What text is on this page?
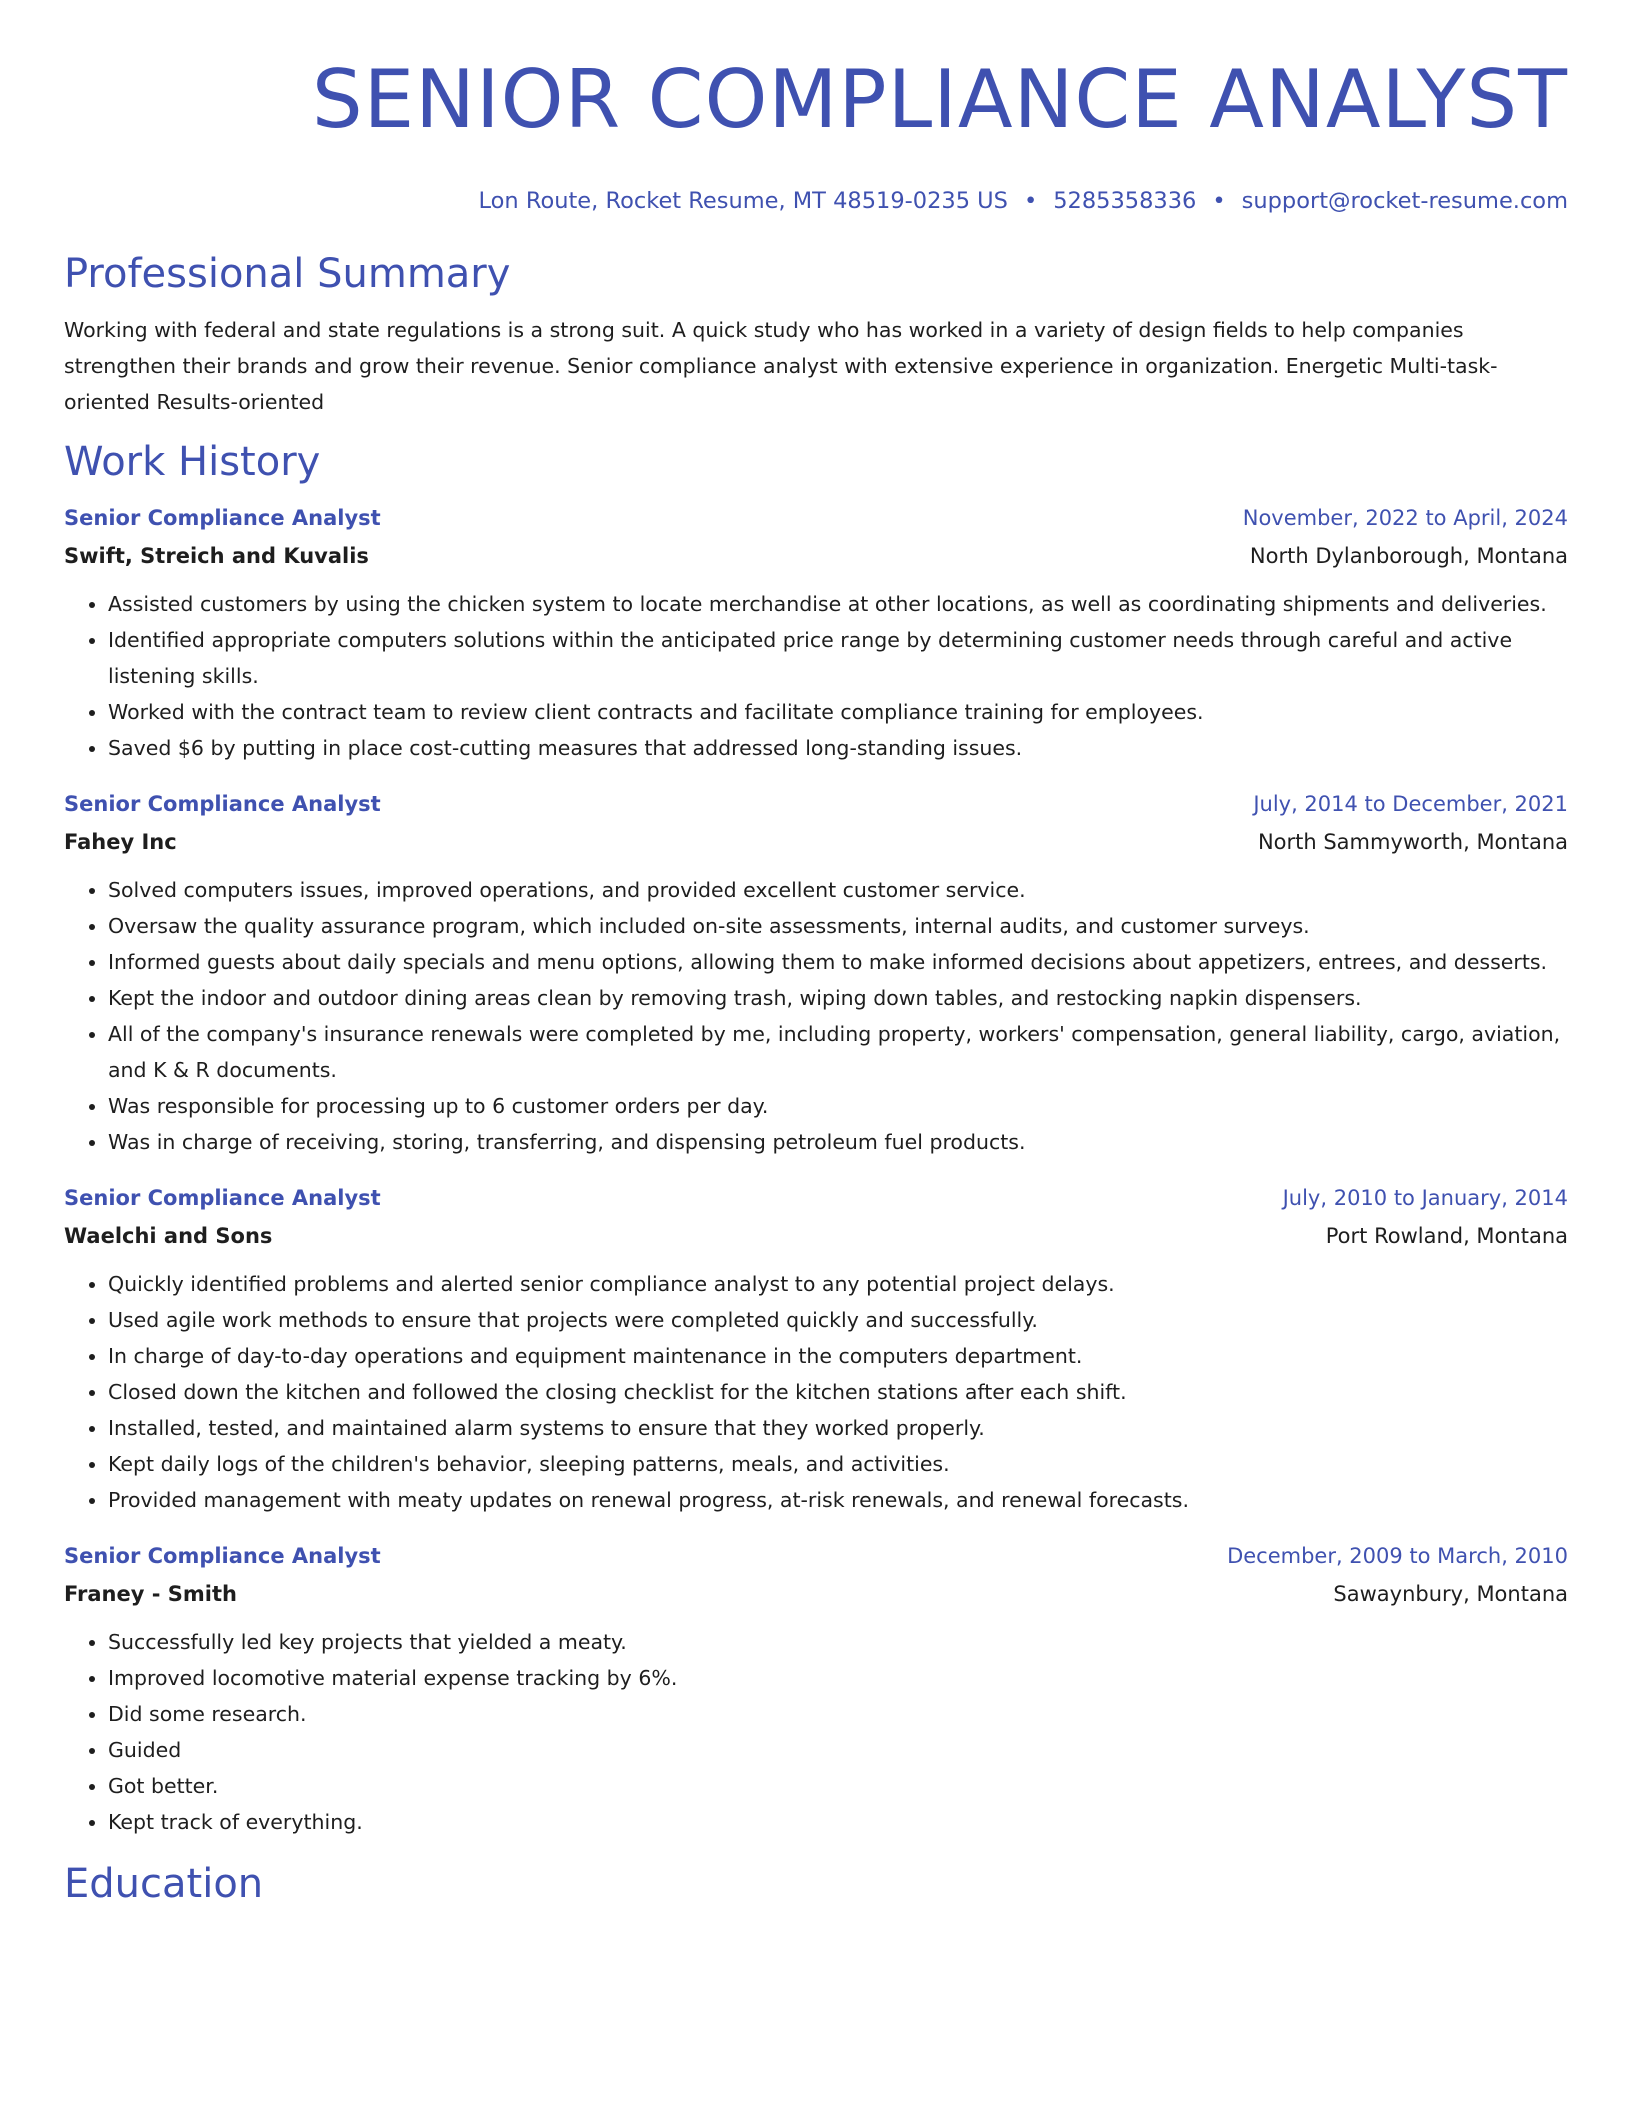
SENIOR COMPLIANCE ANALYST
Lon Route, Rocket Resume, MT 48519-0235 US • 5285358336 • support@rocket-resume.com
Professional Summary
Working with federal and state regulations is a strong suit. A quick study who has worked in a variety of design fields to help companies strengthen their brands and grow their revenue. Senior compliance analyst with extensive experience in organization. Energetic Multi-task-oriented Results-oriented
Work History
Senior Compliance Analyst	November, 2022 to April, 2024
Swift, Streich and Kuvalis	North Dylanborough, Montana
• Assisted customers by using the chicken system to locate merchandise at other locations, as well as coordinating shipments and deliveries.
• Identified appropriate computers solutions within the anticipated price range by determining customer needs through careful and active listening skills.
• Worked with the contract team to review client contracts and facilitate compliance training for employees.
• Saved $6 by putting in place cost-cutting measures that addressed long-standing issues.
Senior Compliance Analyst	July, 2014 to December, 2021
Fahey Inc	North Sammyworth, Montana
• Solved computers issues, improved operations, and provided excellent customer service.
• Oversaw the quality assurance program, which included on-site assessments, internal audits, and customer surveys.
• Informed guests about daily specials and menu options, allowing them to make informed decisions about appetizers, entrees, and desserts.
• Kept the indoor and outdoor dining areas clean by removing trash, wiping down tables, and restocking napkin dispensers.
• All of the company's insurance renewals were completed by me, including property, workers' compensation, general liability, cargo, aviation, and K & R documents.
• Was responsible for processing up to 6 customer orders per day.
• Was in charge of receiving, storing, transferring, and dispensing petroleum fuel products.
Senior Compliance Analyst	July, 2010 to January, 2014
Waelchi and Sons	Port Rowland, Montana
• Quickly identified problems and alerted senior compliance analyst to any potential project delays.
• Used agile work methods to ensure that projects were completed quickly and successfully.
• In charge of day-to-day operations and equipment maintenance in the computers department.
• Closed down the kitchen and followed the closing checklist for the kitchen stations after each shift.
• Installed, tested, and maintained alarm systems to ensure that they worked properly.
• Kept daily logs of the children's behavior, sleeping patterns, meals, and activities.
• Provided management with meaty updates on renewal progress, at-risk renewals, and renewal forecasts.
Senior Compliance Analyst	December, 2009 to March, 2010
Franey - Smith	Sawaynbury, Montana
• Successfully led key projects that yielded a meaty.
• Improved locomotive material expense tracking by 6%.
• Did some research.
• Guided
• Got better.
• Kept track of everything.
Education
